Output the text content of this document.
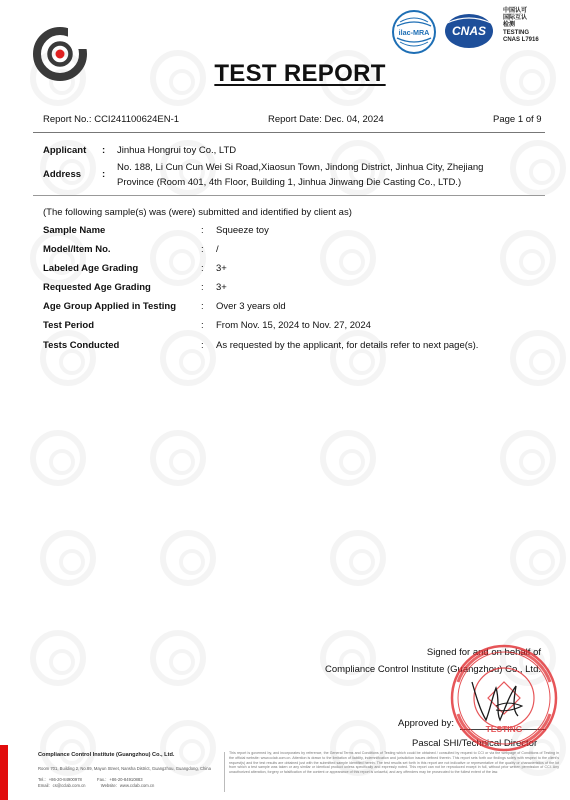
TEST REPORT
ilac-MRA CNAS
中国认可
国际互认
检测
TESTING
CNAS L7916
Report No.: CCI241100624EN-1	Report Date: Dec. 04, 2024	Page 1 of 9
Applicant : Jinhua Hongrui toy Co., LTD
Address :
No. 188, Li Cun Cun Wei Si Road,Xiaosun Town, Jindong District, Jinhua City, Zhejiang
Province (Room 401, 4th Floor, Building 1, Jinhua Jinwang Die Casting Co., LTD.)
(The following sample(s) was (were) submitted and identified by client as)
Sample Name	: Squeeze toy
Model/Item No.	: /
Labeled Age Grading	: 3+
Requested Age Grading	: 3+
Age Group Applied in Testing	: Over 3 years old
Test Period	: From Nov. 15, 2024 to Nov. 27, 2024
Tests Conducted	: As requested by the applicant, for details refer to next page(s).
Signed for and on behalf of
Compliance Control Institute (Guangzhou) Co., Ltd.
Approved by:
Pascal SHI/Technical Director
TESTING
Compliance Control Institute (Guangzhou) Co., Ltd.
Room 701, Building 2, No.89, Mayun Street, Nansha District, Guangzhou, Guangdong, China
Tel.: +86-20-84900978	Fax.: +86-20-84910883
Email: cs@cclab.com.cn	Website: www.cclab.com.cn
This report is governed by, and incorporates by reference, the General Terms and Conditions of Testing which could be obtained / consulted by request to CCI or via the webpage of Conditions of Testing in the official website: www.cclab.com.cn. Attention is drawn to the limitation of liability, indemnification and jurisdiction issues defined therein. This report sets forth our findings solely with respect to the client's request(s) and the test results are obtained just with the submitted sample identified herein. The test results set forth in this report are not indicative or representative of the quality or characteristics of the lot from which a test sample was taken or any similar or identical product unless specifically and expressly noted. This report can not be reproduced except in full, without prior written permission of CCI. Any unauthorized alteration, forgery or falsification of the content or appearance of this report is unlawful, and any offenders may be prosecuted to the fullest extent of the law.
